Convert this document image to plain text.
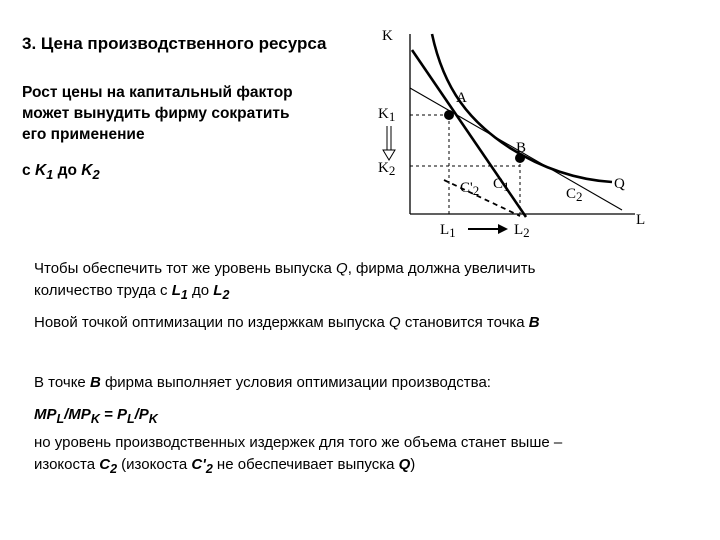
3. Цена производственного ресурса
Рост цены на капитальный фактор
может вынудить фирму сократить
его применение
с $K_1$ до $K_2$
K
L
Q
A
B
K1
K2
L1	L2
C'2 C1	C2
Чтобы обеспечить тот же уровень выпуска Q, фирма должна увеличить
количество труда с $L_1$ до $L_2$
Новой точкой оптимизации по издержкам выпуска Q становится точка B
В точке B фирма выполняет условия оптимизации производства:
$MP_L/MP_K = P_L/P_K$
но уровень производственных издержек для того же объема станет выше –
изокоста $C_2$ (изокоста $C'_2$ не обеспечивает выпуска Q)
